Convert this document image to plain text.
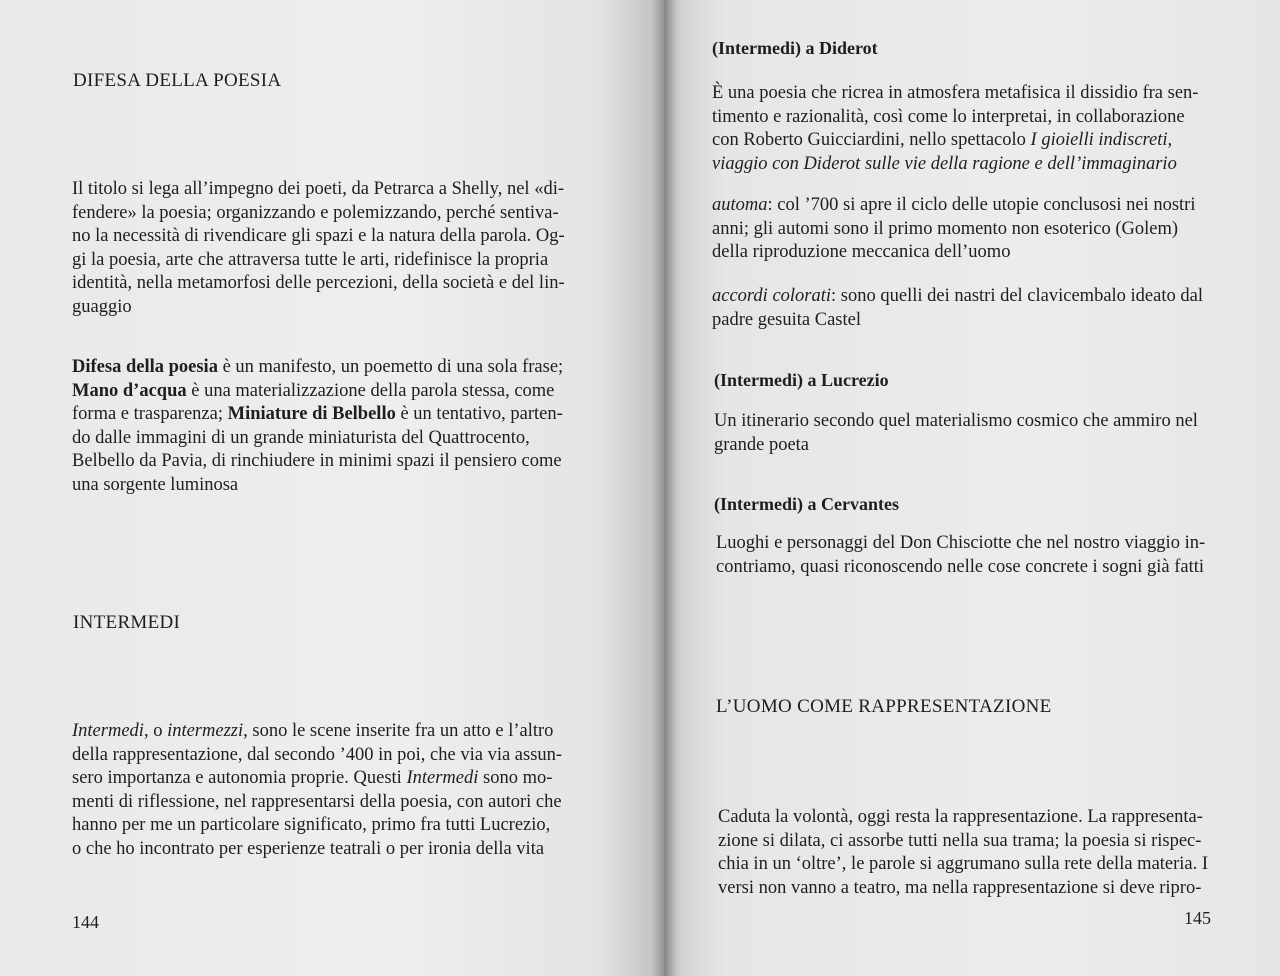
DIFESA DELLA POESIA

Il titolo si lega all’impegno dei poeti, da Petrarca a Shelly, nel «di-
fendere» la poesia; organizzando e polemizzando, perché sentiva-
no la necessità di rivendicare gli spazi e la natura della parola. Og-
gi la poesia, arte che attraversa tutte le arti, ridefinisce la propria
identità, nella metamorfosi delle percezioni, della società e del lin-
guaggio

Difesa della poesia è un manifesto, un poemetto di una sola frase;
Mano d’acqua è una materializzazione della parola stessa, come
forma e trasparenza; Miniature di Belbello è un tentativo, parten-
do dalle immagini di un grande miniaturista del Quattrocento,
Belbello da Pavia, di rinchiudere in minimi spazi il pensiero come
una sorgente luminosa

INTERMEDI

Intermedi, o intermezzi, sono le scene inserite fra un atto e l’altro
della rappresentazione, dal secondo ’400 in poi, che via via assun-
sero importanza e autonomia proprie. Questi Intermedi sono mo-
menti di riflessione, nel rappresentarsi della poesia, con autori che
hanno per me un particolare significato, primo fra tutti Lucrezio,
o che ho incontrato per esperienze teatrali o per ironia della vita

144

(Intermedi) a Diderot

È una poesia che ricrea in atmosfera metafisica il dissidio fra sen-
timento e razionalità, così come lo interpretai, in collaborazione
con Roberto Guicciardini, nello spettacolo I gioielli indiscreti,
viaggio con Diderot sulle vie della ragione e dell’immaginario

automa: col ’700 si apre il ciclo delle utopie conclusosi nei nostri
anni; gli automi sono il primo momento non esoterico (Golem)
della riproduzione meccanica dell’uomo

accordi colorati: sono quelli dei nastri del clavicembalo ideato dal
padre gesuita Castel

(Intermedi) a Lucrezio

Un itinerario secondo quel materialismo cosmico che ammiro nel
grande poeta

(Intermedi) a Cervantes

Luoghi e personaggi del Don Chisciotte che nel nostro viaggio in-
contriamo, quasi riconoscendo nelle cose concrete i sogni già fatti

L’UOMO COME RAPPRESENTAZIONE

Caduta la volontà, oggi resta la rappresentazione. La rappresenta-
zione si dilata, ci assorbe tutti nella sua trama; la poesia si rispec-
chia in un ‘oltre’, le parole si aggrumano sulla rete della materia. I
versi non vanno a teatro, ma nella rappresentazione si deve ripro-

145
